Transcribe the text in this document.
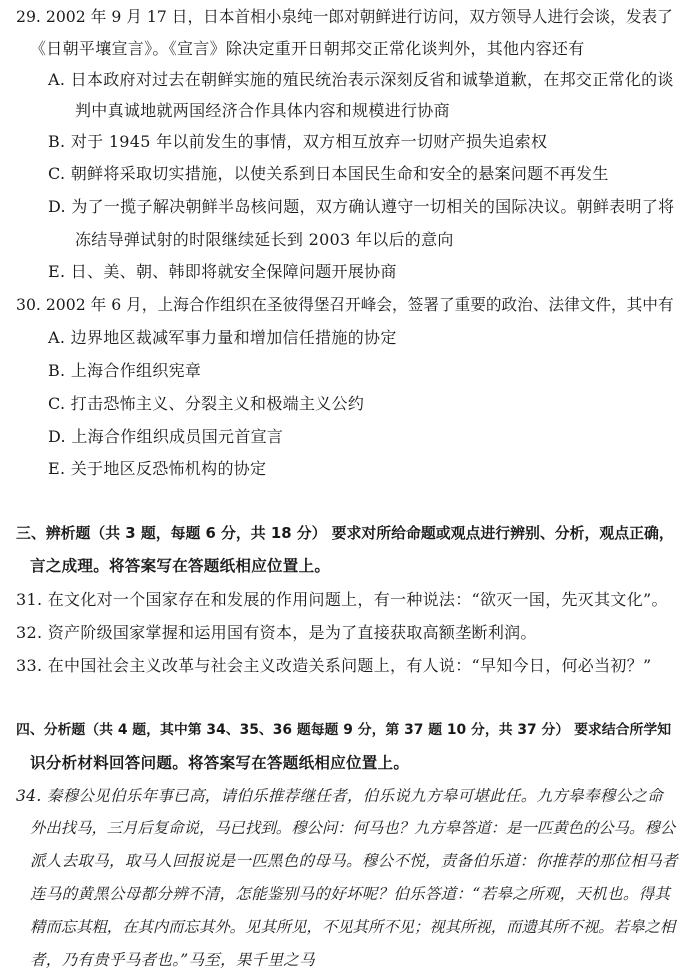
29. 2002 年 9 月 17 日，日本首相小泉纯一郎对朝鲜进行访问，双方领导人进行会谈，发表了
《日朝平壤宣言》。《宣言》除决定重开日朝邦交正常化谈判外，其他内容还有
A. 日本政府对过去在朝鲜实施的殖民统治表示深刻反省和诚挚道歉，在邦交正常化的谈
判中真诚地就两国经济合作具体内容和规模进行协商
B. 对于 1945 年以前发生的事情，双方相互放弃一切财产损失追索权
C. 朝鲜将采取切实措施，以使关系到日本国民生命和安全的悬案问题不再发生
D. 为了一揽子解决朝鲜半岛核问题，双方确认遵守一切相关的国际决议。朝鲜表明了将
冻结导弹试射的时限继续延长到 2003 年以后的意向
E. 日、美、朝、韩即将就安全保障问题开展协商
30. 2002 年 6 月，上海合作组织在圣彼得堡召开峰会，签署了重要的政治、法律文件，其中有
A. 边界地区裁减军事力量和增加信任措施的协定
B. 上海合作组织宪章
C. 打击恐怖主义、分裂主义和极端主义公约
D. 上海合作组织成员国元首宣言
E. 关于地区反恐怖机构的协定
三、辨析题（共 3 题，每题 6 分，共 18 分） 要求对所给命题或观点进行辨别、分析，观点正确，
言之成理。将答案写在答题纸相应位置上。
31. 在文化对一个国家存在和发展的作用问题上，有一种说法：“欲灭一国，先灭其文化”。
32. 资产阶级国家掌握和运用国有资本，是为了直接获取高额垄断利润。
33. 在中国社会主义改革与社会主义改造关系问题上，有人说：“早知今日，何必当初？”
四、分析题（共 4 题，其中第 34、35、36 题每题 9 分，第 37 题 10 分，共 37 分） 要求结合所学知
识分析材料回答问题。将答案写在答题纸相应位置上。
34. 秦穆公见伯乐年事已高，请伯乐推荐继任者，伯乐说九方皋可堪此任。九方皋奉穆公之命
外出找马，三月后复命说，马已找到。穆公问：何马也？九方皋答道：是一匹黄色的公马。穆公
派人去取马，取马人回报说是一匹黑色的母马。穆公不悦，责备伯乐道：你推荐的那位相马者
连马的黄黑公母都分辨不清，怎能鉴别马的好坏呢？伯乐答道：“若皋之所观，天机也。得其
精而忘其粗，在其内而忘其外。见其所见，不见其所不见；视其所视，而遗其所不视。若皋之相
者，乃有贵乎马者也。”马至，果千里之马
